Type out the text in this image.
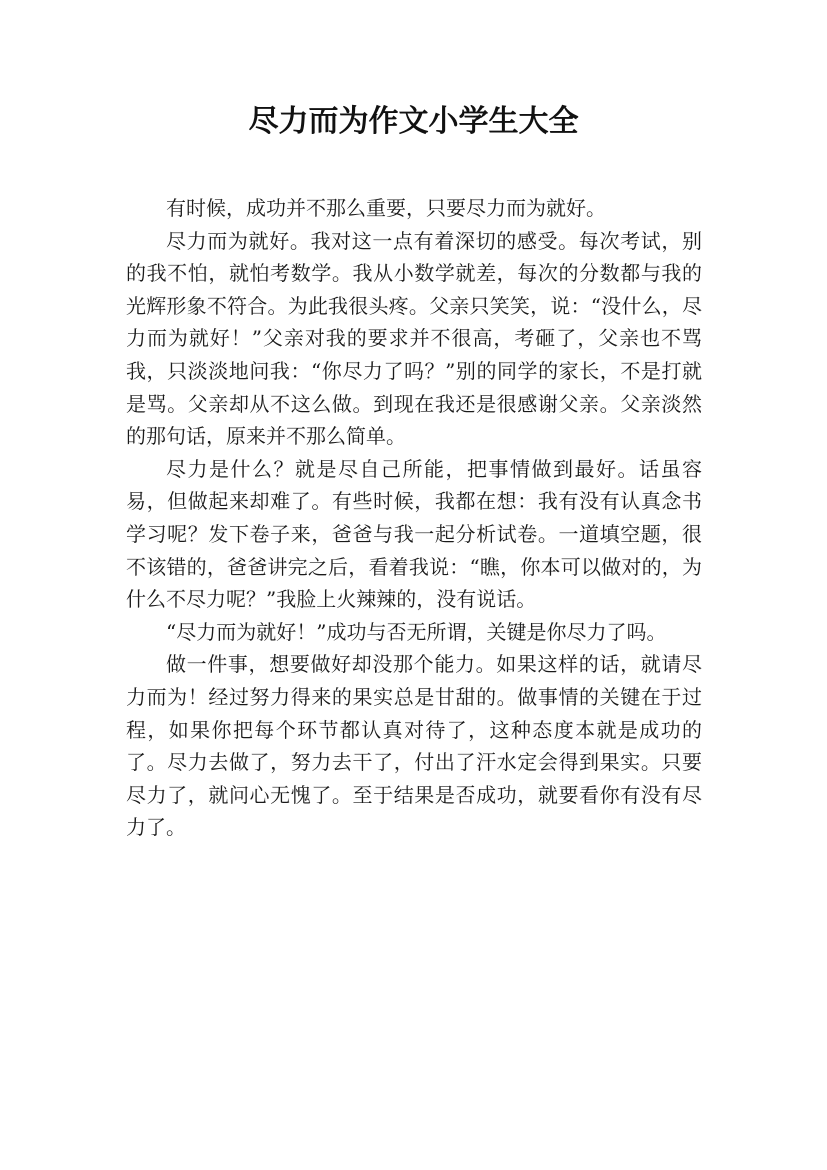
尽力而为作文小学生大全

有时候，成功并不那么重要，只要尽力而为就好。

尽力而为就好。我对这一点有着深切的感受。每次考试，别的我不怕，就怕考数学。我从小数学就差，每次的分数都与我的光辉形象不符合。为此我很头疼。父亲只笑笑，说：“没什么，尽力而为就好！”父亲对我的要求并不很高，考砸了，父亲也不骂我，只淡淡地问我：“你尽力了吗？”别的同学的家长，不是打就是骂。父亲却从不这么做。到现在我还是很感谢父亲。父亲淡然的那句话，原来并不那么简单。

尽力是什么？就是尽自己所能，把事情做到最好。话虽容易，但做起来却难了。有些时候，我都在想：我有没有认真念书学习呢？发下卷子来，爸爸与我一起分析试卷。一道填空题，很不该错的，爸爸讲完之后，看着我说：“瞧，你本可以做对的，为什么不尽力呢？”我脸上火辣辣的，没有说话。

“尽力而为就好！”成功与否无所谓，关键是你尽力了吗。

做一件事，想要做好却没那个能力。如果这样的话，就请尽力而为！经过努力得来的果实总是甘甜的。做事情的关键在于过程，如果你把每个环节都认真对待了，这种态度本就是成功的了。尽力去做了，努力去干了，付出了汗水定会得到果实。只要尽力了，就问心无愧了。至于结果是否成功，就要看你有没有尽力了。
